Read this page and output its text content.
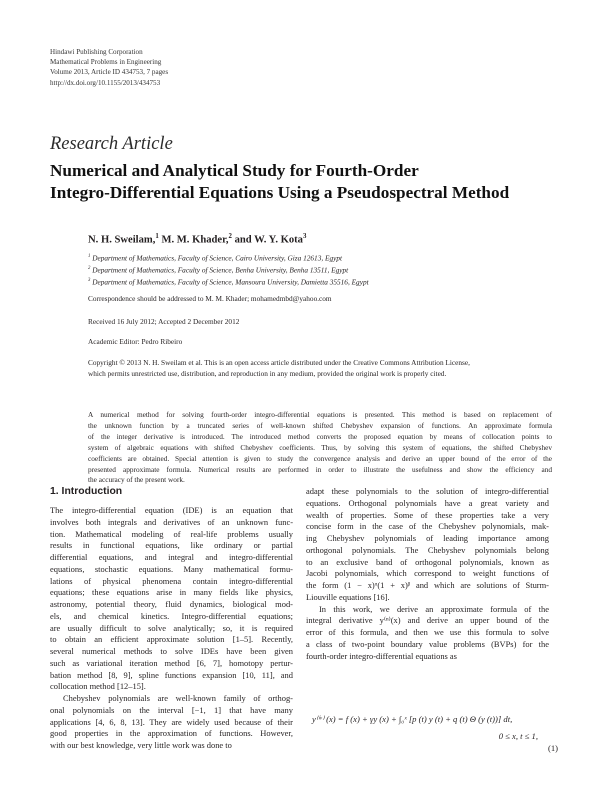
Hindawi Publishing Corporation
Mathematical Problems in Engineering
Volume 2013, Article ID 434753, 7 pages
http://dx.doi.org/10.1155/2013/434753
Research Article
Numerical and Analytical Study for Fourth-Order
Integro-Differential Equations Using a Pseudospectral Method
N. H. Sweilam,$^1$ M. M. Khader,$^2$ and W. Y. Kota$^3$
$^1$ Department of Mathematics, Faculty of Science, Cairo University, Giza 12613, Egypt
$^2$ Department of Mathematics, Faculty of Science, Benha University, Benha 13511, Egypt
$^3$ Department of Mathematics, Faculty of Science, Mansoura University, Damietta 35516, Egypt
Correspondence should be addressed to M. M. Khader; mohamedmbd@yahoo.com
Received 16 July 2012; Accepted 2 December 2012
Academic Editor: Pedro Ribeiro
Copyright © 2013 N. H. Sweilam et al. This is an open access article distributed under the Creative Commons Attribution License,
which permits unrestricted use, distribution, and reproduction in any medium, provided the original work is properly cited.
A numerical method for solving fourth-order integro-differential equations is presented. This method is based on replacement of
the unknown function by a truncated series of well-known shifted Chebyshev expansion of functions. An approximate formula
of the integer derivative is introduced. The introduced method converts the proposed equation by means of collocation points to
system of algebraic equations with shifted Chebyshev coefficients. Thus, by solving this system of equations, the shifted Chebyshev
coefficients are obtained. Special attention is given to study the convergence analysis and derive an upper bound of the error of the
presented approximate formula. Numerical results are performed in order to illustrate the usefulness and show the efficiency and
the accuracy of the present work.
1. Introduction
The integro-differential equation (IDE) is an equation that
involves both integrals and derivatives of an unknown func-
tion. Mathematical modeling of real-life problems usually
results in functional equations, like ordinary or partial
differential equations, and integral and integro-differential
equations, stochastic equations. Many mathematical formu-
lations of physical phenomena contain integro-differential
equations; these equations arise in many fields like physics,
astronomy, potential theory, fluid dynamics, biological mod-
els, and chemical kinetics. Integro-differential equations;
are usually difficult to solve analytically; so, it is required
to obtain an efficient approximate solution [1–5]. Recently,
several numerical methods to solve IDEs have been given
such as variational iteration method [6, 7], homotopy pertur-
bation method [8, 9], spline functions expansion [10, 11], and
collocation method [12–15].
Chebyshev polynomials are well-known family of orthog-
onal polynomials on the interval [−1, 1] that have many
applications [4, 6, 8, 13]. They are widely used because of their
good properties in the approximation of functions. However,
with our best knowledge, very little work was done to
adapt these polynomials to the solution of integro-differential
equations. Orthogonal polynomials have a great variety and
wealth of properties. Some of these properties take a very
concise form in the case of the Chebyshev polynomials, mak-
ing Chebyshev polynomials of leading importance among
orthogonal polynomials. The Chebyshev polynomials belong
to an exclusive band of orthogonal polynomials, known as
Jacobi polynomials, which correspond to weight functions of
the form (1 − x)ᵅ(1 + x)ᵝ and which are solutions of Sturm-
Liouville equations [16].
In this work, we derive an approximate formula of the
integral derivative y⁽ⁿ⁾(x) and derive an upper bound of the
error of this formula, and then we use this formula to solve
a class of two-point boundary value problems (BVPs) for the
fourth-order integro-differential equations as
y⁽ⁱᵛ⁾ (x) = f (x) + γy (x) + ∫₀ˣ [p (t) y (t) + q (t) Θ (y (t))] dt,
0 ≤ x, t ≤ 1,
(1)
